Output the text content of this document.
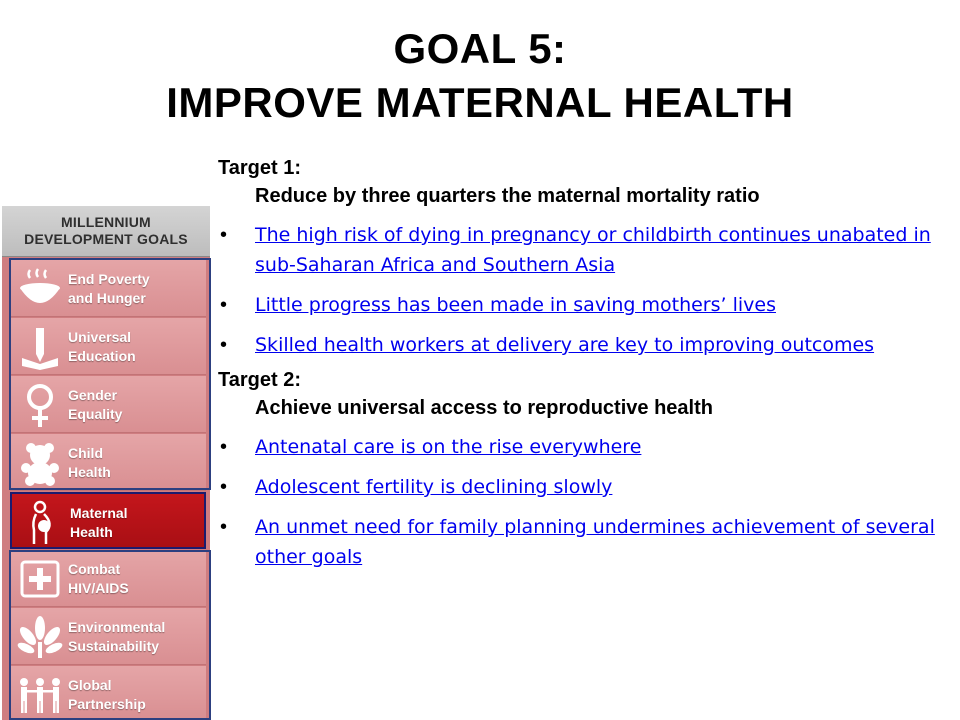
GOAL 5:
IMPROVE MATERNAL HEALTH
MILLENNIUM
DEVELOPMENT GOALS
End Poverty
and Hunger
Universal
Education
Gender
Equality
Child
Health
Maternal
Health
Combat
HIV/AIDS
Environmental
Sustainability
Global
Partnership
Target 1:
Reduce by three quarters the maternal mortality ratio
• The high risk of dying in pregnancy or childbirth continues unabated in sub-Saharan Africa and Southern Asia
• Little progress has been made in saving mothers’ lives
• Skilled health workers at delivery are key to improving outcomes
Target 2:
Achieve universal access to reproductive health
• Antenatal care is on the rise everywhere
• Adolescent fertility is declining slowly
• An unmet need for family planning undermines achievement of several other goals
